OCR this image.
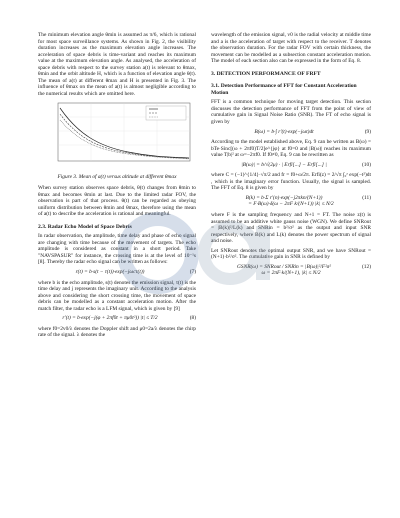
The minimum elevation angle θmin is assumed as π/6, which is rational for most space surveillance systems. As shown in Fig. 2, the visibility duration increases as the maximum elevation angle increases. The acceleration of space debris is time-variant and reaches its maximum value at the maximum elevation angle. As analysed, the acceleration of space debris with respect to the survey station a(t) is relevant to θmax, θmin and the orbit altitude H, which is a function of elevation angle θ(t). The mean of a(t) at different θmax and H is presented in Fig. 3. The influence of θmax on the mean of a(t) is almost negligible according to the numerical results which are omitted here.

Figure 3. Mean of a(t) versus altitude at different θmax

When survey station observes space debris, θ(t) changes from θmin to θmax and becomes θmin at last. Due to the limited radar FOV, the observation is part of that process. θ(t) can be regarded as obeying uniform distribution between θmin and θmax, therefore using the mean of a(t) to describe the acceleration is rational and meaningful.

2.3. Radar Echo Model of Space Debris

In radar observation, the amplitude, time delay and phase of echo signal are changing with time because of the movement of targets. The echo amplitude is considered as constant in a short period. Take "NAVSPASUR" for instance, the crossing time is at the level of 10⁻¹s [8]. Thereby the radar echo signal can be written as follows:

r(t) = b·s(t − τ(t))·exp(−jωcτ(t))	(7)

where b is the echo amplitude, s(t) denotes the emission signal, τ(t) is the time delay and j represents the imaginary unit. According to the analysis above and considering the short crossing time, the movement of space debris can be modelled as a constant acceleration motion. After the match filter, the radar echo is a LFM signal, which is given by [9]

r′(t) = b·exp(−j(φ + 2πf0t + πμ0t²)) |t| ≤ T/2	(8)

where f0=2v0/λ denotes the Doppler shift and μ0=2a/λ denotes the chirp rate of the signal. λ denotes the

wavelength of the emission signal, v0 is the radial velocity at middle time and a is the acceleration of target with respect to the receiver. T denotes the observation duration. For the radar FOV with certain thickness, the movement can be modelled as a subsection constant acceleration motion. The model of each section also can be expressed in the form of Eq. 8.

3. DETECTION PERFORMANCE OF FRFT
3.1. Detection Performance of FFT for Constant Acceleration Motion

FFT is a common technique for moving target detection. This section discusses the detection performance of FFT from the point of view of cumulative gain in Signal Noise Ratio (SNR). The FT of echo signal is given by

B(ω) = b·∫ r′(t)·exp(−jωt)dt	(9)

According to the model established above, Eq. 9 can be written as B(ω) = bTe·Sinc[(ω + 2πf0)T/2]e^{jφ} at f0=0 and |B(ω)| reaches its maximum value T|b|² at ω=−2πf0. If f0≠0, Eq. 9 can be rewritten as

|B(ω)| = b/√(2μ) · | Erfi[...] − Erfi[...] |	(10)

where C = (−1)^{1/4}·√π/2 and fr = f0+ω/2π. Erfi(z) = 2/√π ∫₀ᶻ exp(−t²)dt , which is the imaginary error function. Usually, the signal is sampled. The FFT of Eq. 8 is given by

B(k) = b·Σ r′(n)·exp(−j2πkn/(N+1))	(11)
= F·B(ω)·δ(ω − 2πF k/(N+1)) |k| ≤ N/2

where F is the sampling frequency and N+1 = FT. The noise z(t) is assumed to be an additive white gauss noise (WGN). We define SNRout = |B(k)|²/L(k) and SNRin = b²/σ² as the output and input SNR respectively, where B(k) and L(k) denotes the power spectrum of signal and noise.

Let SNRout denotes the optimal output SNR, and we have SNRout = (N+1)·b²/σ². The cumulative gain in SNR is defined by

GSNR(ω) = SNRout / SNRin = |B(ω)|²/F²σ²	(12)
ω = 2πF·k/(N+1), |k| ≤ N/2
